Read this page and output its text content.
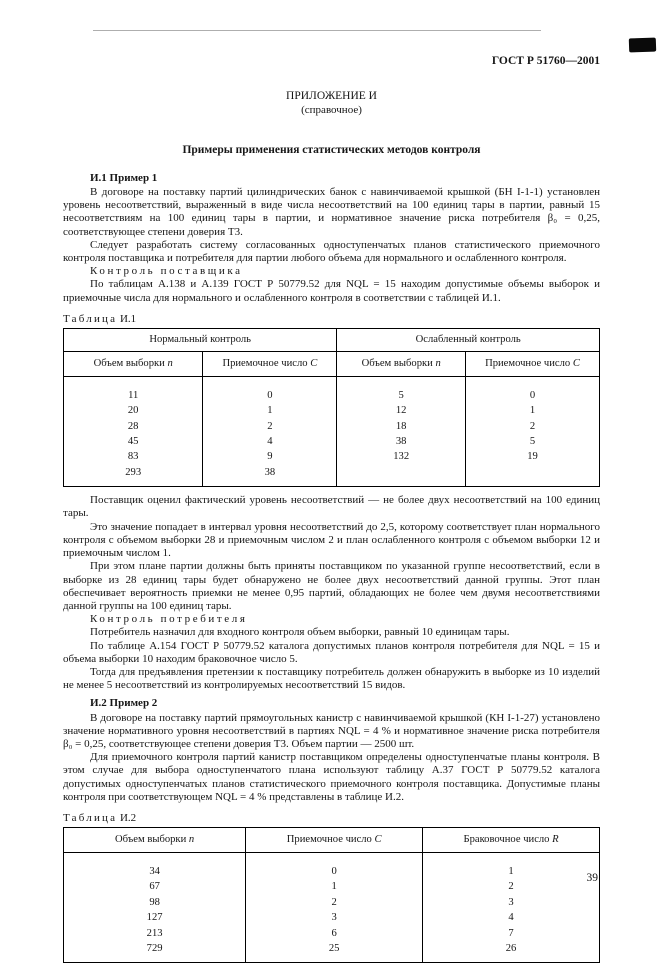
ГОСТ Р 51760—2001
ПРИЛОЖЕНИЕ И
(справочное)
Примеры применения статистических методов контроля
И.1 Пример 1

В договоре на поставку партий цилиндрических банок с навинчиваемой крышкой (БН I-1-1) установлен уровень несоответствий, выраженный в виде числа несоответствий на 100 единиц тары в партии, равный 15 несоответствиям на 100 единиц тары в партии, и нормативное значение риска потребителя β₀ = 0,25, соответствующее степени доверия Т3.

Следует разработать систему согласованных одноступенчатых планов статистического приемочного контроля поставщика и потребителя для партии любого объема для нормального и ослабленного контроля.

Контроль поставщика

По таблицам А.138 и А.139 ГОСТ Р 50779.52 для NQL = 15 находим допустимые объемы выборок и приемочные числа для нормального и ослабленного контроля в соответствии с таблицей И.1.

Таблица И.1
Нормальный контроль		Ослабленный контроль	
Объем выборки n	Приемочное число С	Объем выборки n	Приемочное число С
11	0	5	0
20	1	12	1
28	2	18	2
45	4	38	5
83	9	132	19
293	38		

Поставщик оценил фактический уровень несоответствий — не более двух несоответствий на 100 единиц тары.

Это значение попадает в интервал уровня несоответствий до 2,5, которому соответствует план нормального контроля с объемом выборки 28 и приемочным числом 2 и план ослабленного контроля с объемом выборки 12 и приемочным числом 1.

При этом плане партии должны быть приняты поставщиком по указанной группе несоответствий, если в выборке из 28 единиц тары будет обнаружено не более двух несоответствий данной группы. Этот план обеспечивает вероятность приемки не менее 0,95 партий, обладающих не более чем двумя несоответствиями данной группы на 100 единиц тары.

Контроль потребителя

Потребитель назначил для входного контроля объем выборки, равный 10 единицам тары.

По таблице А.154 ГОСТ Р 50779.52 каталога допустимых планов контроля потребителя для NQL = 15 и объема выборки 10 находим браковочное число 5.

Тогда для предъявления претензии к поставщику потребитель должен обнаружить в выборке из 10 изделий не менее 5 несоответствий из контролируемых несоответствий 15 видов.

И.2 Пример 2

В договоре на поставку партий прямоугольных канистр с навинчиваемой крышкой (КН I-1-27) установлено значение нормативного уровня несоответствий в партиях NQL = 4 % и нормативное значение риска потребителя β₀ = 0,25, соответствующее степени доверия Т3. Объем партии — 2500 шт.

Для приемочного контроля партий канистр поставщиком определены одноступенчатые планы контроля. В этом случае для выбора одноступенчатого плана используют таблицу А.37 ГОСТ Р 50779.52 каталога допустимых одноступенчатых планов статистического приемочного контроля поставщика. Допустимые планы контроля при соответствующем NQL = 4 % представлены в таблице И.2.

Таблица И.2
Объем выборки n	Приемочное число С	Браковочное число R
34	0	1
67	1	2
98	2	3
127	3	4
213	6	7
729	25	26
39
